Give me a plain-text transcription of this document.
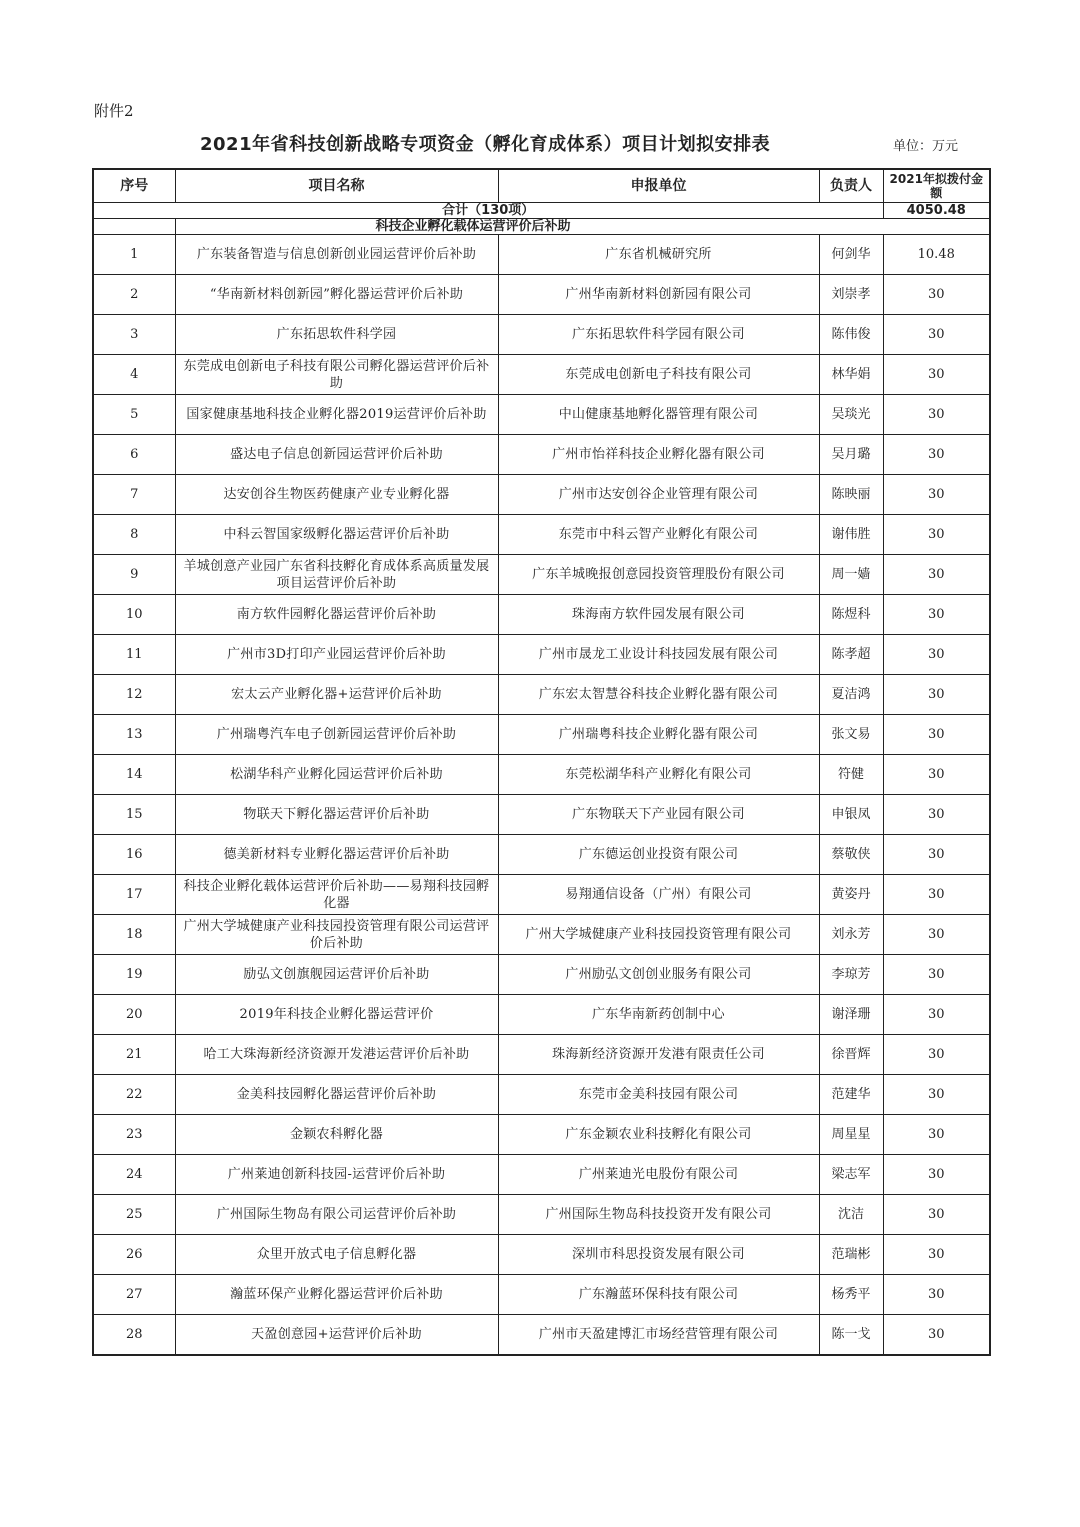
附件2
2021年省科技创新战略专项资金（孵化育成体系）项目计划拟安排表	单位：万元
序号	项目名称	申报单位	负责人	2021年拟拨付金额
合计（130项）				4050.48
	科技企业孵化载体运营评价后补助			
1	广东装备智造与信息创新创业园运营评价后补助	广东省机械研究所	何剑华	10.48
2	“华南新材料创新园”孵化器运营评价后补助	广州华南新材料创新园有限公司	刘崇孝	30
3	广东拓思软件科学园	广东拓思软件科学园有限公司	陈伟俊	30
4	东莞成电创新电子科技有限公司孵化器运营评价后补助	东莞成电创新电子科技有限公司	林华娟	30
5	国家健康基地科技企业孵化器2019运营评价后补助	中山健康基地孵化器管理有限公司	吴琰光	30
6	盛达电子信息创新园运营评价后补助	广州市怡祥科技企业孵化器有限公司	吴月璐	30
7	达安创谷生物医药健康产业专业孵化器	广州市达安创谷企业管理有限公司	陈映丽	30
8	中科云智国家级孵化器运营评价后补助	东莞市中科云智产业孵化有限公司	谢伟胜	30
9	羊城创意产业园广东省科技孵化育成体系高质量发展项目运营评价后补助	广东羊城晚报创意园投资管理股份有限公司	周一嫱	30
10	南方软件园孵化器运营评价后补助	珠海南方软件园发展有限公司	陈煜科	30
11	广州市3D打印产业园运营评价后补助	广州市晟龙工业设计科技园发展有限公司	陈孝超	30
12	宏太云产业孵化器+运营评价后补助	广东宏太智慧谷科技企业孵化器有限公司	夏洁鸿	30
13	广州瑞粤汽车电子创新园运营评价后补助	广州瑞粤科技企业孵化器有限公司	张文易	30
14	松湖华科产业孵化园运营评价后补助	东莞松湖华科产业孵化有限公司	符健	30
15	物联天下孵化器运营评价后补助	广东物联天下产业园有限公司	申银凤	30
16	德美新材料专业孵化器运营评价后补助	广东德运创业投资有限公司	蔡敬侠	30
17	科技企业孵化载体运营评价后补助——易翔科技园孵化器	易翔通信设备（广州）有限公司	黄姿丹	30
18	广州大学城健康产业科技园投资管理有限公司运营评价后补助	广州大学城健康产业科技园投资管理有限公司	刘永芳	30
19	励弘文创旗舰园运营评价后补助	广州励弘文创创业服务有限公司	李琼芳	30
20	2019年科技企业孵化器运营评价	广东华南新药创制中心	谢泽珊	30
21	哈工大珠海新经济资源开发港运营评价后补助	珠海新经济资源开发港有限责任公司	徐晋辉	30
22	金美科技园孵化器运营评价后补助	东莞市金美科技园有限公司	范建华	30
23	金颖农科孵化器	广东金颖农业科技孵化有限公司	周星星	30
24	广州莱迪创新科技园-运营评价后补助	广州莱迪光电股份有限公司	梁志军	30
25	广州国际生物岛有限公司运营评价后补助	广州国际生物岛科技投资开发有限公司	沈洁	30
26	众里开放式电子信息孵化器	深圳市科思投资发展有限公司	范瑞彬	30
27	瀚蓝环保产业孵化器运营评价后补助	广东瀚蓝环保科技有限公司	杨秀平	30
28	天盈创意园+运营评价后补助	广州市天盈建博汇市场经营管理有限公司	陈一戈	30
